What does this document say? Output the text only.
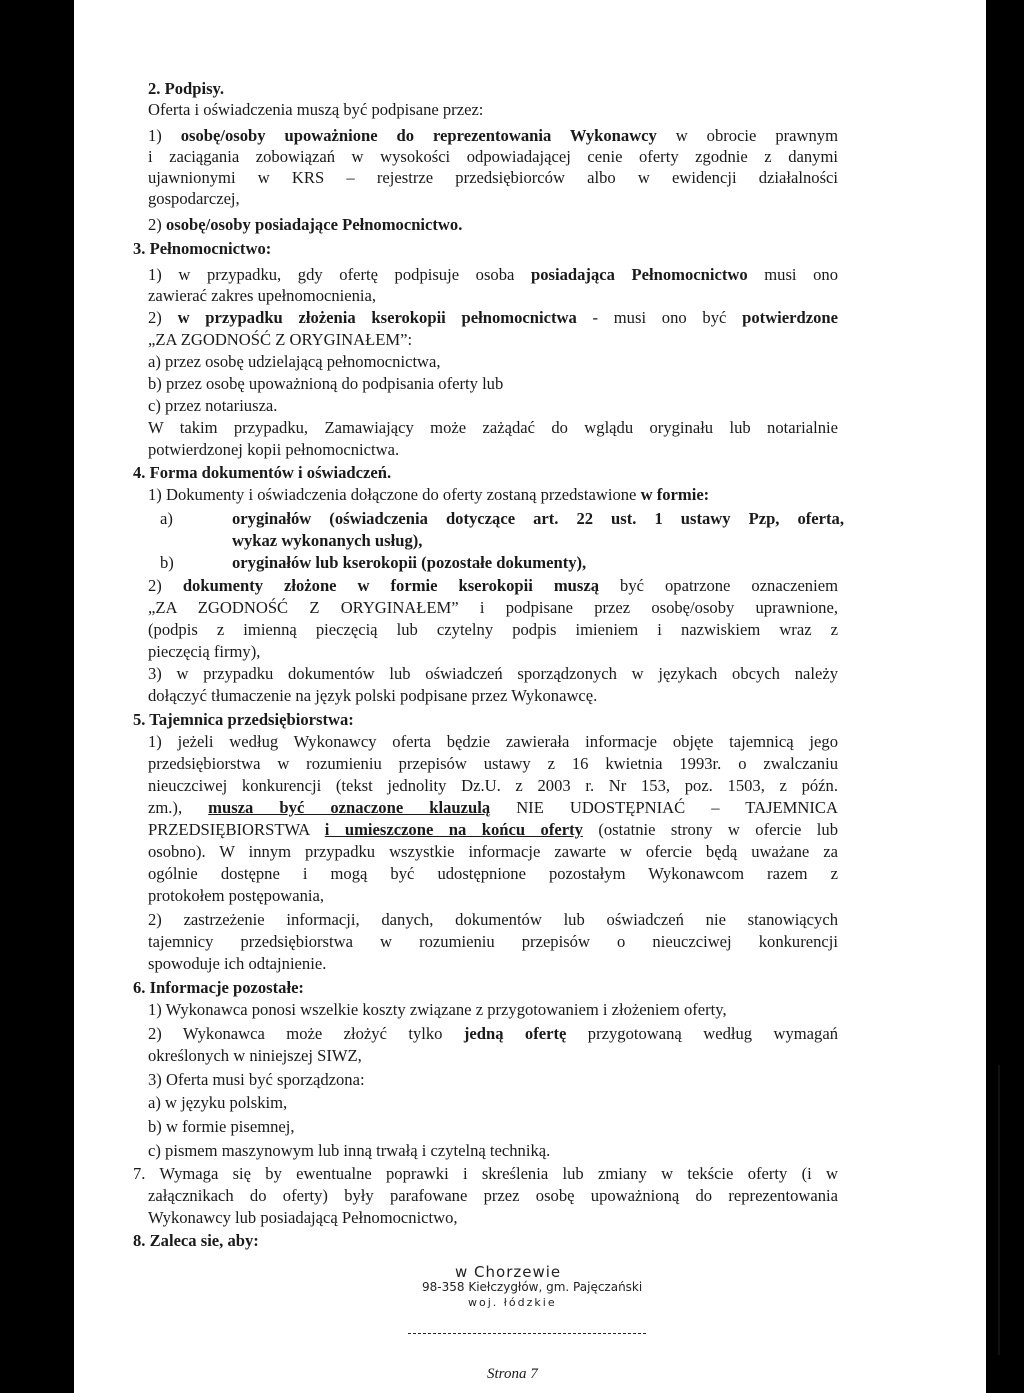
2. Podpisy.
Oferta i oświadczenia muszą być podpisane przez:
1) osobę/osoby upoważnione do reprezentowania Wykonawcy w obrocie prawnym
i zaciągania zobowiązań w wysokości odpowiadającej cenie oferty zgodnie z danymi
ujawnionymi w KRS – rejestrze przedsiębiorców albo w ewidencji działalności
gospodarczej,
2) osobę/osoby posiadające Pełnomocnictwo.
3. Pełnomocnictwo:
1) w przypadku, gdy ofertę podpisuje osoba posiadająca Pełnomocnictwo musi ono
zawierać zakres upełnomocnienia,
2) w przypadku złożenia kserokopii pełnomocnictwa - musi ono być potwierdzone
„ZA ZGODNOŚĆ Z ORYGINAŁEM”:
a) przez osobę udzielającą pełnomocnictwa,
b) przez osobę upoważnioną do podpisania oferty lub
c) przez notariusza.
W takim przypadku, Zamawiający może zażądać do wglądu oryginału lub notarialnie
potwierdzonej kopii pełnomocnictwa.
4. Forma dokumentów i oświadczeń.
1) Dokumenty i oświadczenia dołączone do oferty zostaną przedstawione w formie:
a)	oryginałów (oświadczenia dotyczące art. 22 ust. 1 ustawy Pzp, oferta,
wykaz wykonanych usług),
b)	oryginałów lub kserokopii (pozostałe dokumenty),
2) dokumenty złożone w formie kserokopii muszą być opatrzone oznaczeniem
„ZA ZGODNOŚĆ Z ORYGINAŁEM” i podpisane przez osobę/osoby uprawnione,
(podpis z imienną pieczęcią lub czytelny podpis imieniem i nazwiskiem wraz z
pieczęcią firmy),
3) w przypadku dokumentów lub oświadczeń sporządzonych w językach obcych należy
dołączyć tłumaczenie na język polski podpisane przez Wykonawcę.
5. Tajemnica przedsiębiorstwa:
1) jeżeli według Wykonawcy oferta będzie zawierała informacje objęte tajemnicą jego
przedsiębiorstwa w rozumieniu przepisów ustawy z 16 kwietnia 1993r. o zwalczaniu
nieuczciwej konkurencji (tekst jednolity Dz.U. z 2003 r. Nr 153, poz. 1503, z późn.
zm.), musza być oznaczone klauzulą NIE UDOSTĘPNIAĆ – TAJEMNICA
PRZEDSIĘBIORSTWA i umieszczone na końcu oferty (ostatnie strony w ofercie lub
osobno). W innym przypadku wszystkie informacje zawarte w ofercie będą uważane za
ogólnie dostępne i mogą być udostępnione pozostałym Wykonawcom razem z
protokołem postępowania,
2) zastrzeżenie informacji, danych, dokumentów lub oświadczeń nie stanowiących
tajemnicy przedsiębiorstwa w rozumieniu przepisów o nieuczciwej konkurencji
spowoduje ich odtajnienie.
6. Informacje pozostałe:
1) Wykonawca ponosi wszelkie koszty związane z przygotowaniem i złożeniem oferty,
2) Wykonawca może złożyć tylko jedną ofertę przygotowaną według wymagań
określonych w niniejszej SIWZ,
3) Oferta musi być sporządzona:
a) w języku polskim,
b) w formie pisemnej,
c) pismem maszynowym lub inną trwałą i czytelną techniką.
7. Wymaga się by ewentualne poprawki i skreślenia lub zmiany w tekście oferty (i w
załącznikach do oferty) były parafowane przez osobę upoważnioną do reprezentowania
Wykonawcy lub posiadającą Pełnomocnictwo,
8. Zaleca sie, aby:
w Chorzewie
98-358 Kiełczygłów, gm. Pajęczański
woj. łódzkie
Strona 7
